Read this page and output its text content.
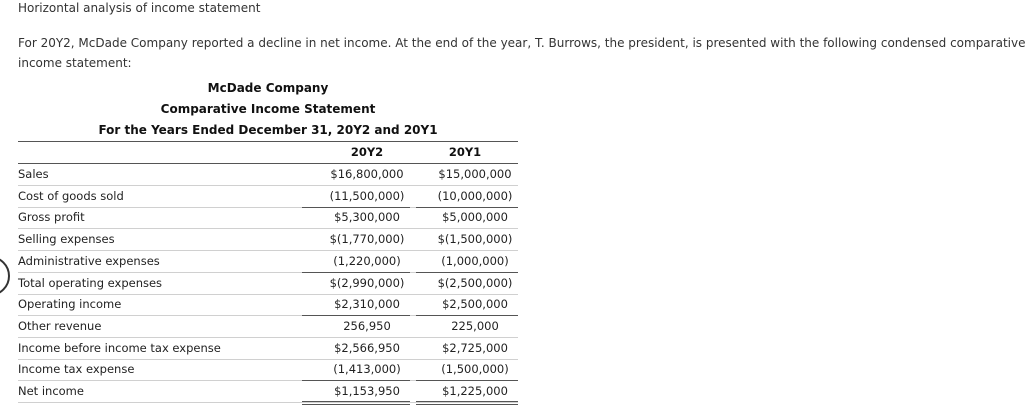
Horizontal analysis of income statement
For 20Y2, McDade Company reported a decline in net income. At the end of the year, T. Burrows, the president, is presented with the following condensed comparative income statement:
McDade Company
Comparative Income Statement
For the Years Ended December 31, 20Y2 and 20Y1
20Y2	20Y1
Sales	$16,800,000	$15,000,000
Cost of goods sold	(11,500,000)	(10,000,000)
Gross profit	$5,300,000	$5,000,000
Selling expenses	$(1,770,000)	$(1,500,000)
Administrative expenses	(1,220,000)	(1,000,000)
Total operating expenses	$(2,990,000)	$(2,500,000)
Operating income	$2,310,000	$2,500,000
Other revenue	256,950	225,000
Income before income tax expense	$2,566,950	$2,725,000
Income tax expense	(1,413,000)	(1,500,000)
Net income	$1,153,950	$1,225,000
